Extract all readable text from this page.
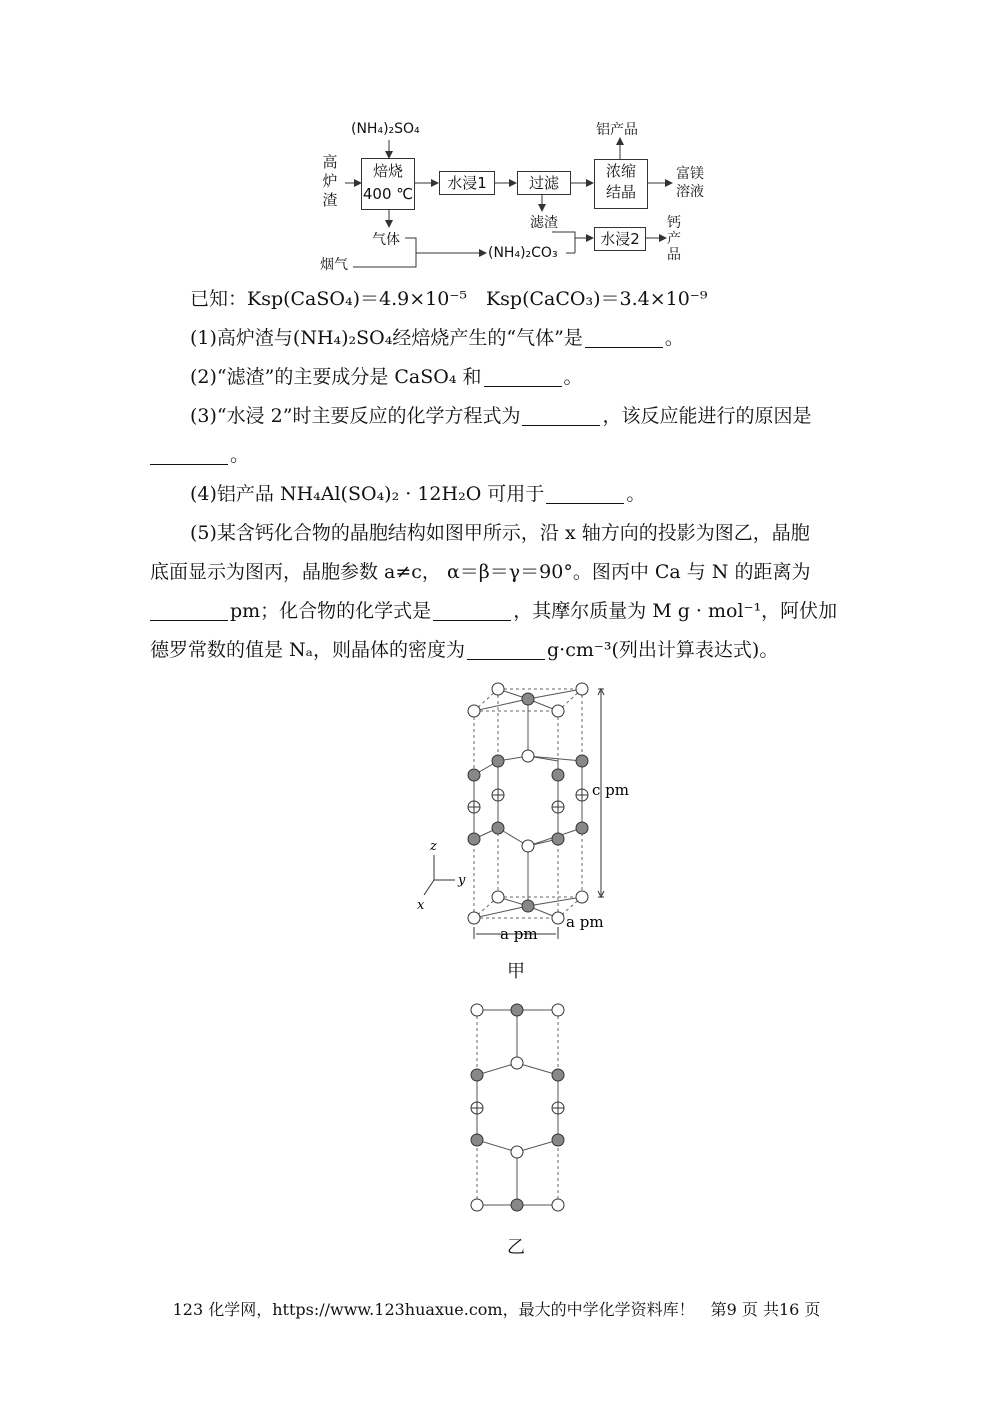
(NH₄)₂SO₄
高
炉
渣
焙烧
400 ℃
水浸1	过滤
浓缩
结晶
铝产品
富镁
溶液
滤渣
气体
烟气
(NH₄)₂CO₃
水浸2
钙
产
品
已知：Ksp(CaSO₄)＝4.9×10⁻⁵　Ksp(CaCO₃)＝3.4×10⁻⁹
(1)高炉渣与(NH₄)₂SO₄经焙烧产生的“气体”是	。
(2)“滤渣”的主要成分是 CaSO₄ 和	。
(3)“水浸 2”时主要反应的化学方程式为	，该反应能进行的原因是
。
(4)铝产品 NH₄Al(SO₄)₂ · 12H₂O 可用于	。
(5)某含钙化合物的晶胞结构如图甲所示，沿 x 轴方向的投影为图乙，晶胞
底面显示为图丙，晶胞参数 a≠c， α＝β＝γ＝90°。图丙中 Ca 与 N 的距离为
pm；化合物的化学式是	，其摩尔质量为 M g · mol⁻¹，阿伏加
德罗常数的值是 Nₐ，则晶体的密度为	g·cm⁻³(列出计算表达式)。
c pm
a pm
a pm
z
y
x
甲
乙
123 化学网，https://www.123huaxue.com，最大的中学化学资料库！　第9 页 共16 页
